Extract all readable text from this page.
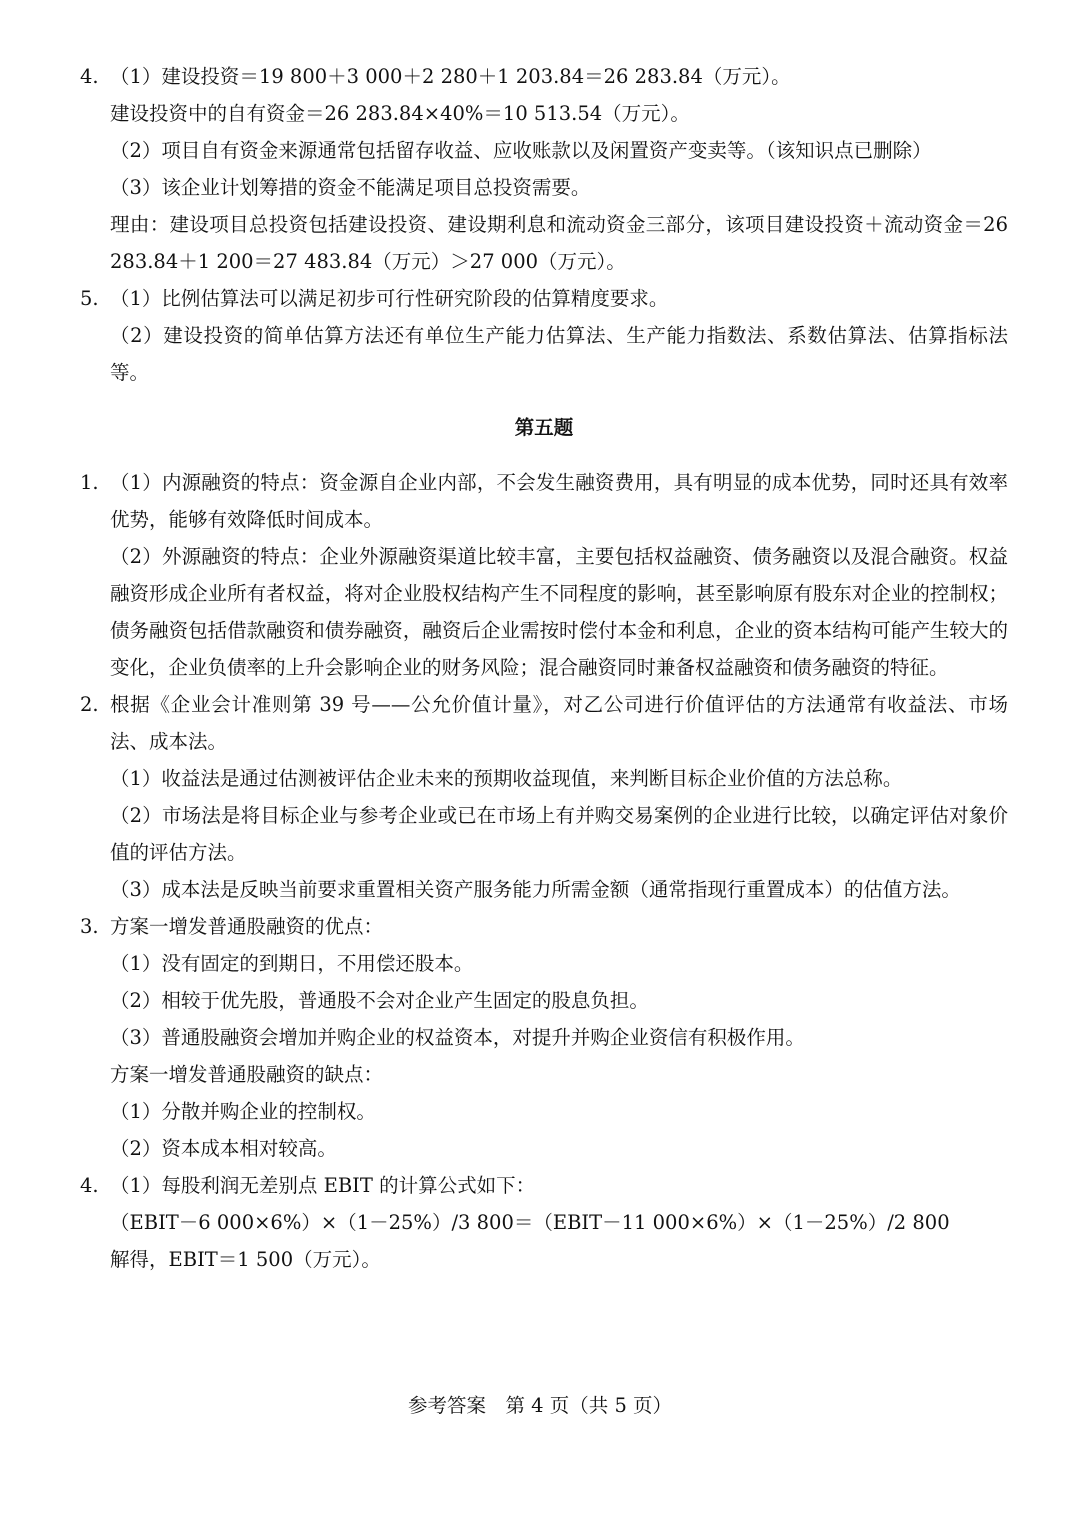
4. （1）建设投资＝19 800＋3 000＋2 280＋1 203.84＝26 283.84（万元）。
建设投资中的自有资金＝26 283.84×40%＝10 513.54（万元）。
（2）项目自有资金来源通常包括留存收益、应收账款以及闲置资产变卖等。（该知识点已删除）
（3）该企业计划筹措的资金不能满足项目总投资需要。
理由：建设项目总投资包括建设投资、建设期利息和流动资金三部分，该项目建设投资＋流动资金＝26 283.84＋1 200＝27 483.84（万元）＞27 000（万元）。
5. （1）比例估算法可以满足初步可行性研究阶段的估算精度要求。
（2）建设投资的简单估算方法还有单位生产能力估算法、生产能力指数法、系数估算法、估算指标法等。
第五题
1. （1）内源融资的特点：资金源自企业内部，不会发生融资费用，具有明显的成本优势，同时还具有效率优势，能够有效降低时间成本。
（2）外源融资的特点：企业外源融资渠道比较丰富，主要包括权益融资、债务融资以及混合融资。权益融资形成企业所有者权益，将对企业股权结构产生不同程度的影响，甚至影响原有股东对企业的控制权；债务融资包括借款融资和债券融资，融资后企业需按时偿付本金和利息，企业的资本结构可能产生较大的变化，企业负债率的上升会影响企业的财务风险；混合融资同时兼备权益融资和债务融资的特征。
2. 根据《企业会计准则第 39 号——公允价值计量》，对乙公司进行价值评估的方法通常有收益法、市场法、成本法。
（1）收益法是通过估测被评估企业未来的预期收益现值，来判断目标企业价值的方法总称。
（2）市场法是将目标企业与参考企业或已在市场上有并购交易案例的企业进行比较，以确定评估对象价值的评估方法。
（3）成本法是反映当前要求重置相关资产服务能力所需金额（通常指现行重置成本）的估值方法。
3. 方案一增发普通股融资的优点：
（1）没有固定的到期日，不用偿还股本。
（2）相较于优先股，普通股不会对企业产生固定的股息负担。
（3）普通股融资会增加并购企业的权益资本，对提升并购企业资信有积极作用。
方案一增发普通股融资的缺点：
（1）分散并购企业的控制权。
（2）资本成本相对较高。
4. （1）每股利润无差别点 EBIT 的计算公式如下：
（EBIT－6 000×6%）×（1－25%）/3 800＝（EBIT－11 000×6%）×（1－25%）/2 800
解得，EBIT＝1 500（万元）。
参考答案　第 4 页（共 5 页）
